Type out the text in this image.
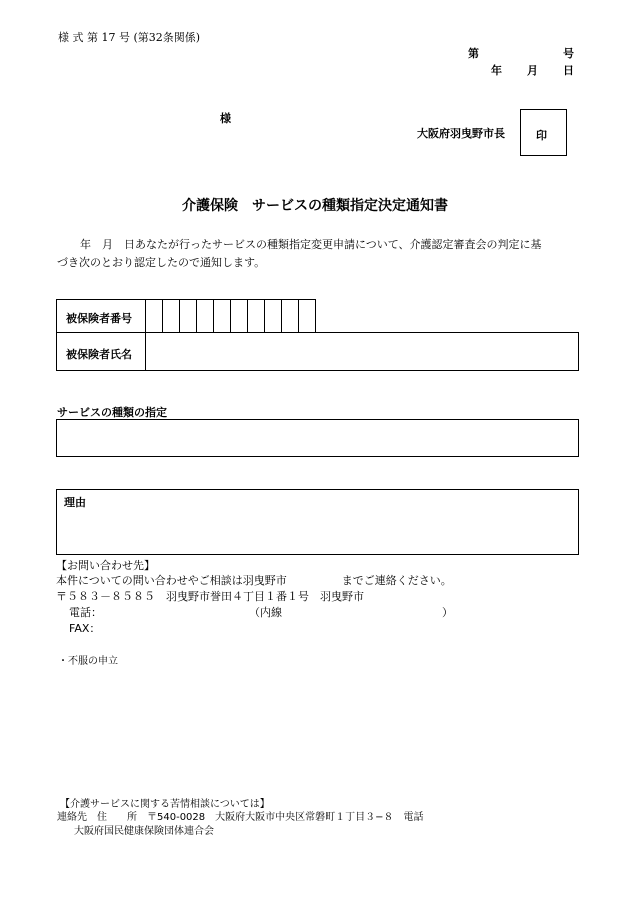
様 式 第 17 号 (第32条関係)
第	号
年 月 日
様
大阪府羽曳野市長	印
介護保険　サービスの種類指定決定通知書
年　月　日あなたが行ったサービスの種類指定変更申請について、介護認定審査会の判定に基
づき次のとおり認定したので通知します。
被保険者番号
被保険者氏名
サービスの種類の指定
理由
【お問い合わせ先】
本件についての問い合わせやご相談は羽曳野市　　　　　までご連絡ください。
〒５８３－８５８５　羽曳野市誉田４丁目１番１号　羽曳野市
電話：	（内線	）
FAX：
・不服の申立
【介護サービスに関する苦情相談については】
連絡先　住　　所　〒540-0028　大阪府大阪市中央区常磐町１丁目３−８　電話
大阪府国民健康保険団体連合会
